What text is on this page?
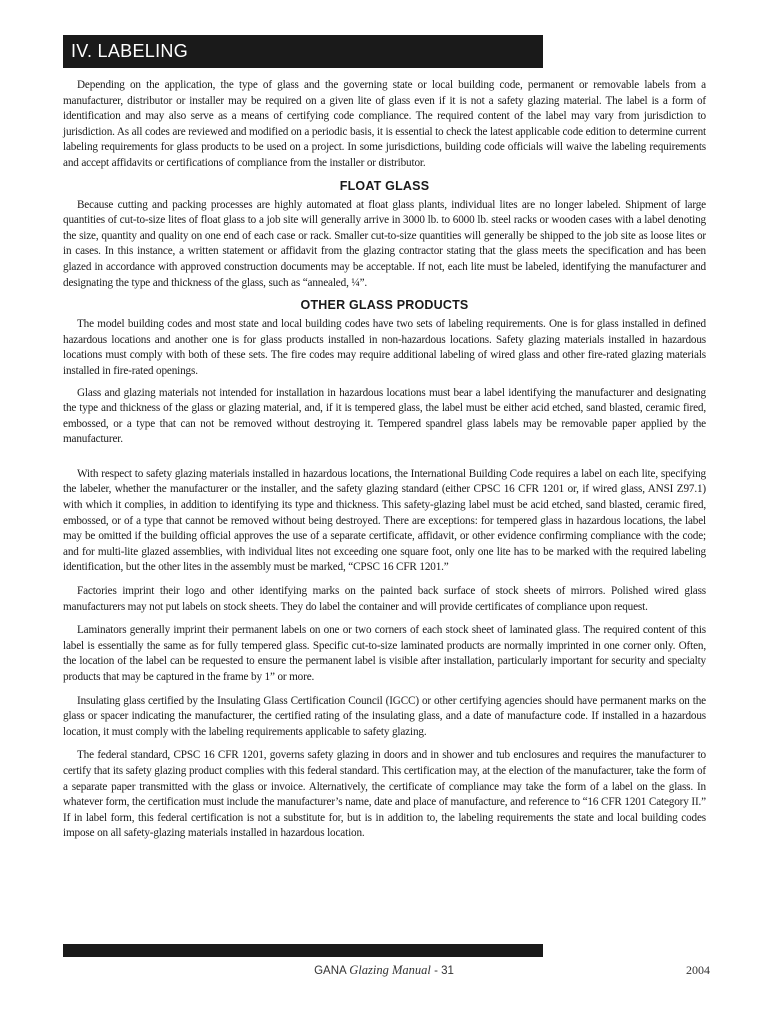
IV. LABELING

Depending on the application, the type of glass and the governing state or local building code, permanent or removable labels from a manufacturer, distributor or installer may be required on a given lite of glass even if it is not a safety glazing material. The label is a form of identification and may also serve as a means of certifying code compliance. The required content of the label may vary from jurisdiction to jurisdiction. As all codes are reviewed and modified on a periodic basis, it is essential to check the latest applicable code edition to determine current labeling requirements for glass products to be used on a project. In some jurisdictions, building code officials will waive the labeling requirements and accept affidavits or certifications of compliance from the installer or distributor.

FLOAT GLASS

Because cutting and packing processes are highly automated at float glass plants, individual lites are no longer labeled. Shipment of large quantities of cut-to-size lites of float glass to a job site will generally arrive in 3000 lb. to 6000 lb. steel racks or wooden cases with a label denoting the size, quantity and quality on one end of each case or rack. Smaller cut-to-size quantities will generally be shipped to the job site as loose lites or in cases. In this instance, a written statement or affidavit from the glazing contractor stating that the glass meets the specification and has been glazed in accordance with approved construction documents may be acceptable. If not, each lite must be labeled, identifying the manufacturer and designating the type and thickness of the glass, such as “annealed, ¼”.

OTHER GLASS PRODUCTS

The model building codes and most state and local building codes have two sets of labeling requirements. One is for glass installed in defined hazardous locations and another one is for glass products installed in non-hazardous locations. Safety glazing materials installed in hazardous locations must comply with both of these sets. The fire codes may require additional labeling of wired glass and other fire-rated glazing materials installed in fire-rated openings.

Glass and glazing materials not intended for installation in hazardous locations must bear a label identifying the manufacturer and designating the type and thickness of the glass or glazing material, and, if it is tempered glass, the label must be either acid etched, sand blasted, ceramic fired, embossed, or a type that can not be removed without destroying it. Tempered spandrel glass labels may be removable paper applied by the manufacturer.

With respect to safety glazing materials installed in hazardous locations, the International Building Code requires a label on each lite, specifying the labeler, whether the manufacturer or the installer, and the safety glazing standard (either CPSC 16 CFR 1201 or, if wired glass, ANSI Z97.1) with which it complies, in addition to identifying its type and thickness. This safety-glazing label must be acid etched, sand blasted, ceramic fired, embossed, or of a type that cannot be removed without being destroyed. There are exceptions: for tempered glass in hazardous locations, the label may be omitted if the building official approves the use of a separate certificate, affidavit, or other evidence confirming compliance with the code; and for multi-lite glazed assemblies, with individual lites not exceeding one square foot, only one lite has to be marked with the required labeling identification, but the other lites in the assembly must be marked, “CPSC 16 CFR 1201.”

Factories imprint their logo and other identifying marks on the painted back surface of stock sheets of mirrors. Polished wired glass manufacturers may not put labels on stock sheets. They do label the container and will provide certificates of compliance upon request.

Laminators generally imprint their permanent labels on one or two corners of each stock sheet of laminated glass. The required content of this label is essentially the same as for fully tempered glass. Specific cut-to-size laminated products are normally imprinted in one corner only. Often, the location of the label can be requested to ensure the permanent label is visible after installation, particularly important for security and specialty products that may be captured in the frame by 1” or more.

Insulating glass certified by the Insulating Glass Certification Council (IGCC) or other certifying agencies should have permanent marks on the glass or spacer indicating the manufacturer, the certified rating of the insulating glass, and a date of manufacture code. If installed in a hazardous location, it must comply with the labeling requirements applicable to safety glazing.

The federal standard, CPSC 16 CFR 1201, governs safety glazing in doors and in shower and tub enclosures and requires the manufacturer to certify that its safety glazing product complies with this federal standard. This certification may, at the election of the manufacturer, take the form of a separate paper transmitted with the glass or invoice. Alternatively, the certificate of compliance may take the form of a label on the glass. In whatever form, the certification must include the manufacturer’s name, date and place of manufacture, and reference to “16 CFR 1201 Category II.” If in label form, this federal certification is not a substitute for, but is in addition to, the labeling requirements the state and local building codes impose on all safety-glazing materials installed in hazardous location.

GANA Glazing Manual - 31	2004
